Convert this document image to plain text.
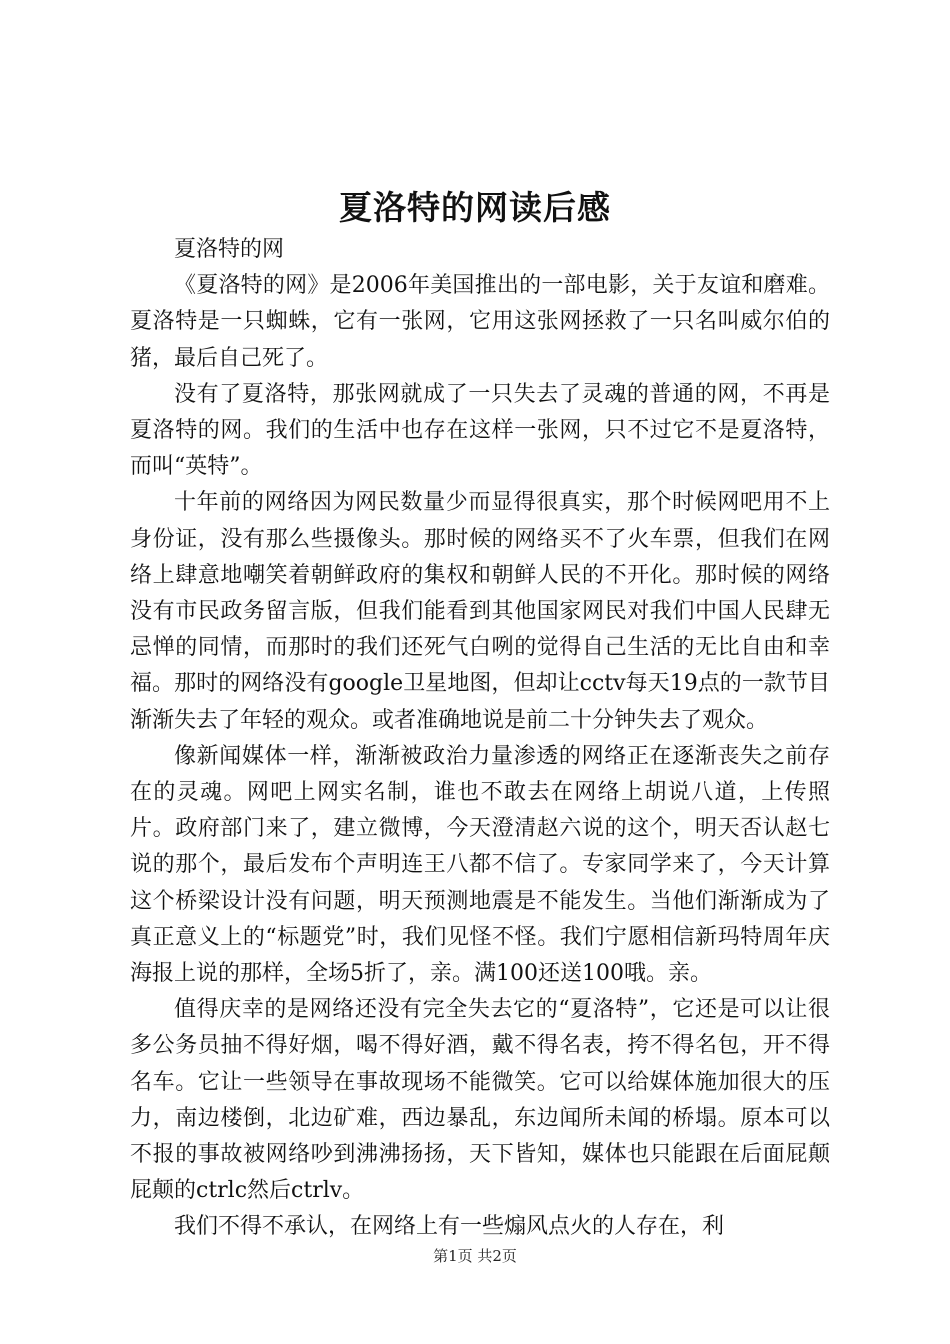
夏洛特的网读后感

夏洛特的网

《夏洛特的网》是2006年美国推出的一部电影，关于友谊和磨难。夏洛特是一只蜘蛛，它有一张网，它用这张网拯救了一只名叫威尔伯的猪，最后自己死了。

没有了夏洛特，那张网就成了一只失去了灵魂的普通的网，不再是夏洛特的网。我们的生活中也存在这样一张网，只不过它不是夏洛特，而叫“英特”。

十年前的网络因为网民数量少而显得很真实，那个时候网吧用不上身份证，没有那么些摄像头。那时候的网络买不了火车票，但我们在网络上肆意地嘲笑着朝鲜政府的集权和朝鲜人民的不开化。那时候的网络没有市民政务留言版，但我们能看到其他国家网民对我们中国人民肆无忌惮的同情，而那时的我们还死气白咧的觉得自己生活的无比自由和幸福。那时的网络没有google卫星地图，但却让cctv每天19点的一款节目渐渐失去了年轻的观众。或者准确地说是前二十分钟失去了观众。

像新闻媒体一样，渐渐被政治力量渗透的网络正在逐渐丧失之前存在的灵魂。网吧上网实名制，谁也不敢去在网络上胡说八道，上传照片。政府部门来了，建立微博，今天澄清赵六说的这个，明天否认赵七说的那个，最后发布个声明连王八都不信了。专家同学来了，今天计算这个桥梁设计没有问题，明天预测地震是不能发生。当他们渐渐成为了真正意义上的“标题党”时，我们见怪不怪。我们宁愿相信新玛特周年庆海报上说的那样，全场5折了，亲。满100还送100哦。亲。

值得庆幸的是网络还没有完全失去它的“夏洛特”，它还是可以让很多公务员抽不得好烟，喝不得好酒，戴不得名表，挎不得名包，开不得名车。它让一些领导在事故现场不能微笑。它可以给媒体施加很大的压力，南边楼倒，北边矿难，西边暴乱，东边闻所未闻的桥塌。原本可以不报的事故被网络吵到沸沸扬扬，天下皆知，媒体也只能跟在后面屁颠屁颠的ctrlc然后ctrlv。

我们不得不承认，在网络上有一些煽风点火的人存在，利

第1页 共2页
